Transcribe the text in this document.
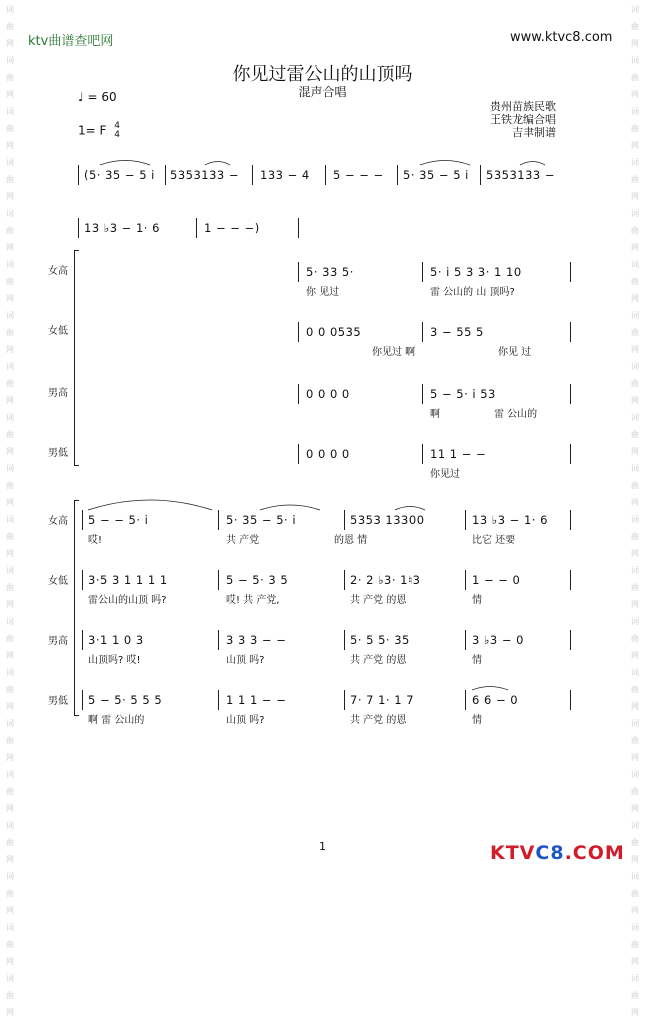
词
曲
网
词
曲
网
词
曲
网
词
曲
网
词
曲
网
词
曲
网
词
曲
网
词
曲
网
词
曲
网
词
曲
网
词
曲
网
词
曲
网
词
曲
网
词
曲
网
词
曲
网
词
曲
网
词
曲
网
词
曲
网
词
曲
网
词
曲
网
词
曲
网
词
曲
网
词
曲
网
词
曲
网
词
曲
网
词
曲
网
词
曲
网
词
曲
网
词
曲
网
词
曲
网
词
曲
网
词
曲
网
词
曲
网
词
曲
网
词
曲
网
词
曲
网
词
曲
网
词
曲
网
词
曲
网
词
曲
网
ktv曲谱查吧网	www.ktvc8.com
你见过雷公山的山顶吗
混声合唱
♩ = 60
1= F 4
4
贵州苗族民歌
王铁龙编合唱
吉聿制谱
(5· 35 − 5 i 5353133 − 133 − 4 5 − − − 5· 35 − 5 i 5353133 −
13 ♭3 − 1· 6	1 − − −)
女高	5· 33 5·	5· i 5 3 3· 1 10
你 见过	雷 公山的 山 顶吗?
女低	0 0 0535	3 − 55 5
你见过 啊	你见 过
男高	0 0 0 0	5 − 5· i 53
啊	雷 公山的
男低	0 0 0 0	11 1 − −
你见过
女高 5 − − 5· i	5· 35 − 5· i	5353 13300	13 ♭3 − 1· 6
哎!	共 产党	的恩 情	比它 还要
女低 3·5 3 1 1 1 1	5 − 5· 3 5	2· 2 ♭3· 1♮3	1 − − 0
雷公山的山顶 吗?	哎! 共 产党,	共 产党 的恩	情
男高 3·1 1 0 3	3 3 3 − −	5· 5 5· 35	3 ♭3 − 0
山顶吗? 哎!	山顶 吗?	共 产党 的恩	情
男低 5 − 5· 5 5 5	1 1 1 − −	7· 7 1· 1 7	6 6 − 0
啊 雷 公山的	山顶 吗?	共 产党 的恩	情
1	KTVC8.COM
